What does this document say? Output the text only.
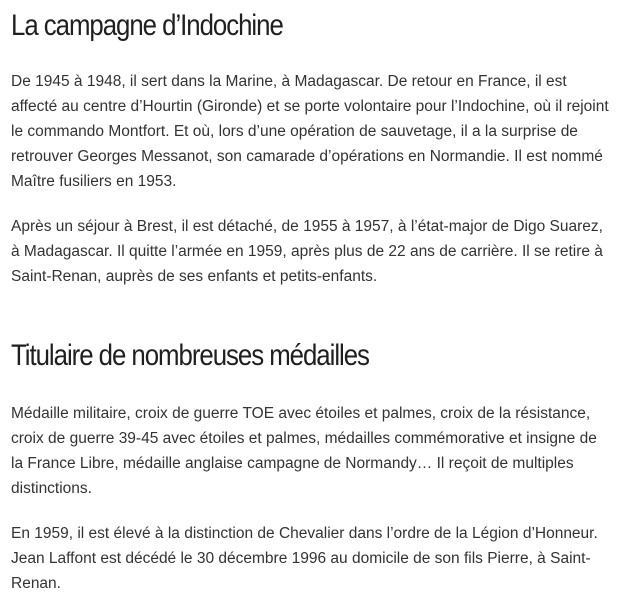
La campagne d’Indochine

De 1945 à 1948, il sert dans la Marine, à Madagascar. De retour en France, il est
affecté au centre d’Hourtin (Gironde) et se porte volontaire pour l’Indochine, où il rejoint
le commando Montfort. Et où, lors d’une opération de sauvetage, il a la surprise de
retrouver Georges Messanot, son camarade d’opérations en Normandie. Il est nommé
Maître fusiliers en 1953.

Après un séjour à Brest, il est détaché, de 1955 à 1957, à l’état-major de Digo Suarez,
à Madagascar. Il quitte l’armée en 1959, après plus de 22 ans de carrière. Il se retire à
Saint-Renan, auprès de ses enfants et petits-enfants.

Titulaire de nombreuses médailles

Médaille militaire, croix de guerre TOE avec étoiles et palmes, croix de la résistance,
croix de guerre 39-45 avec étoiles et palmes, médailles commémorative et insigne de
la France Libre, médaille anglaise campagne de Normandy… Il reçoit de multiples
distinctions.

En 1959, il est élevé à la distinction de Chevalier dans l’ordre de la Légion d’Honneur.
Jean Laffont est décédé le 30 décembre 1996 au domicile de son fils Pierre, à Saint-
Renan.
